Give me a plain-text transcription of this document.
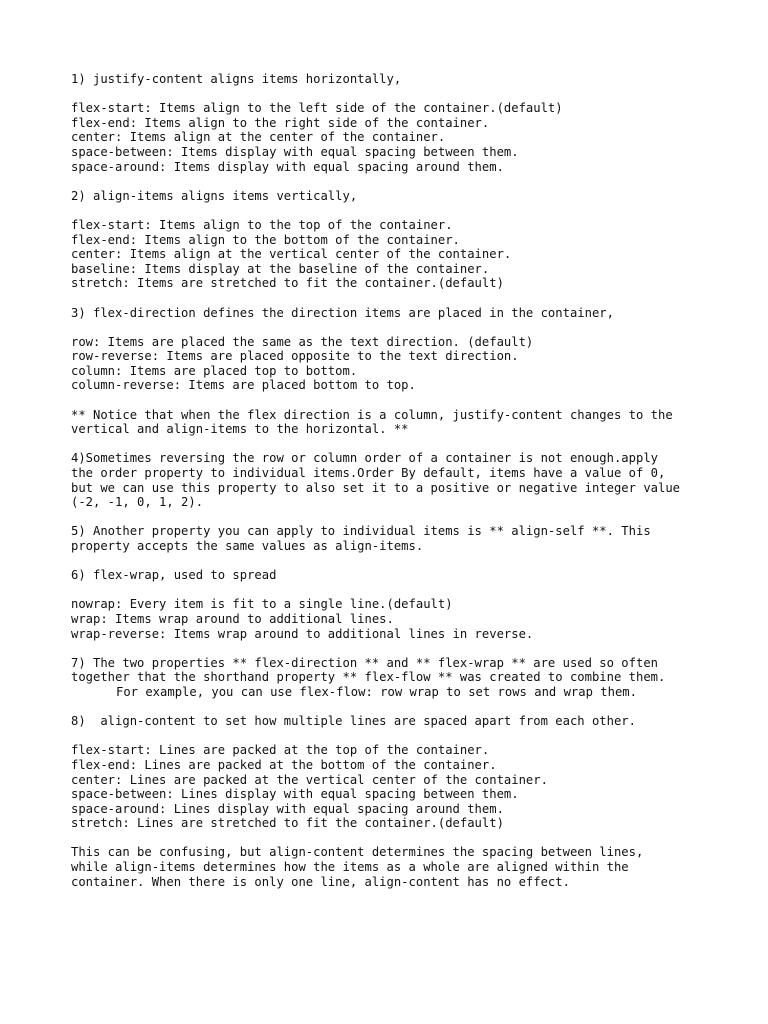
1) justify-content aligns items horizontally,

flex-start: Items align to the left side of the container.(default)
flex-end: Items align to the right side of the container.
center: Items align at the center of the container.
space-between: Items display with equal spacing between them.
space-around: Items display with equal spacing around them.

2) align-items aligns items vertically,

flex-start: Items align to the top of the container.
flex-end: Items align to the bottom of the container.
center: Items align at the vertical center of the container.
baseline: Items display at the baseline of the container.
stretch: Items are stretched to fit the container.(default)

3) flex-direction defines the direction items are placed in the container,

row: Items are placed the same as the text direction. (default)
row-reverse: Items are placed opposite to the text direction.
column: Items are placed top to bottom.
column-reverse: Items are placed bottom to top.

** Notice that when the flex direction is a column, justify-content changes to the
vertical and align-items to the horizontal. **

4)Sometimes reversing the row or column order of a container is not enough.apply
the order property to individual items.Order By default, items have a value of 0,
but we can use this property to also set it to a positive or negative integer value
(-2, -1, 0, 1, 2).

5) Another property you can apply to individual items is ** align-self **. This
property accepts the same values as align-items.

6) flex-wrap, used to spread

nowrap: Every item is fit to a single line.(default)
wrap: Items wrap around to additional lines.
wrap-reverse: Items wrap around to additional lines in reverse.

7) The two properties ** flex-direction ** and ** flex-wrap ** are used so often
together that the shorthand property ** flex-flow ** was created to combine them.
For example, you can use flex-flow: row wrap to set rows and wrap them.

8)  align-content to set how multiple lines are spaced apart from each other.

flex-start: Lines are packed at the top of the container.
flex-end: Lines are packed at the bottom of the container.
center: Lines are packed at the vertical center of the container.
space-between: Lines display with equal spacing between them.
space-around: Lines display with equal spacing around them.
stretch: Lines are stretched to fit the container.(default)

This can be confusing, but align-content determines the spacing between lines,
while align-items determines how the items as a whole are aligned within the
container. When there is only one line, align-content has no effect.
